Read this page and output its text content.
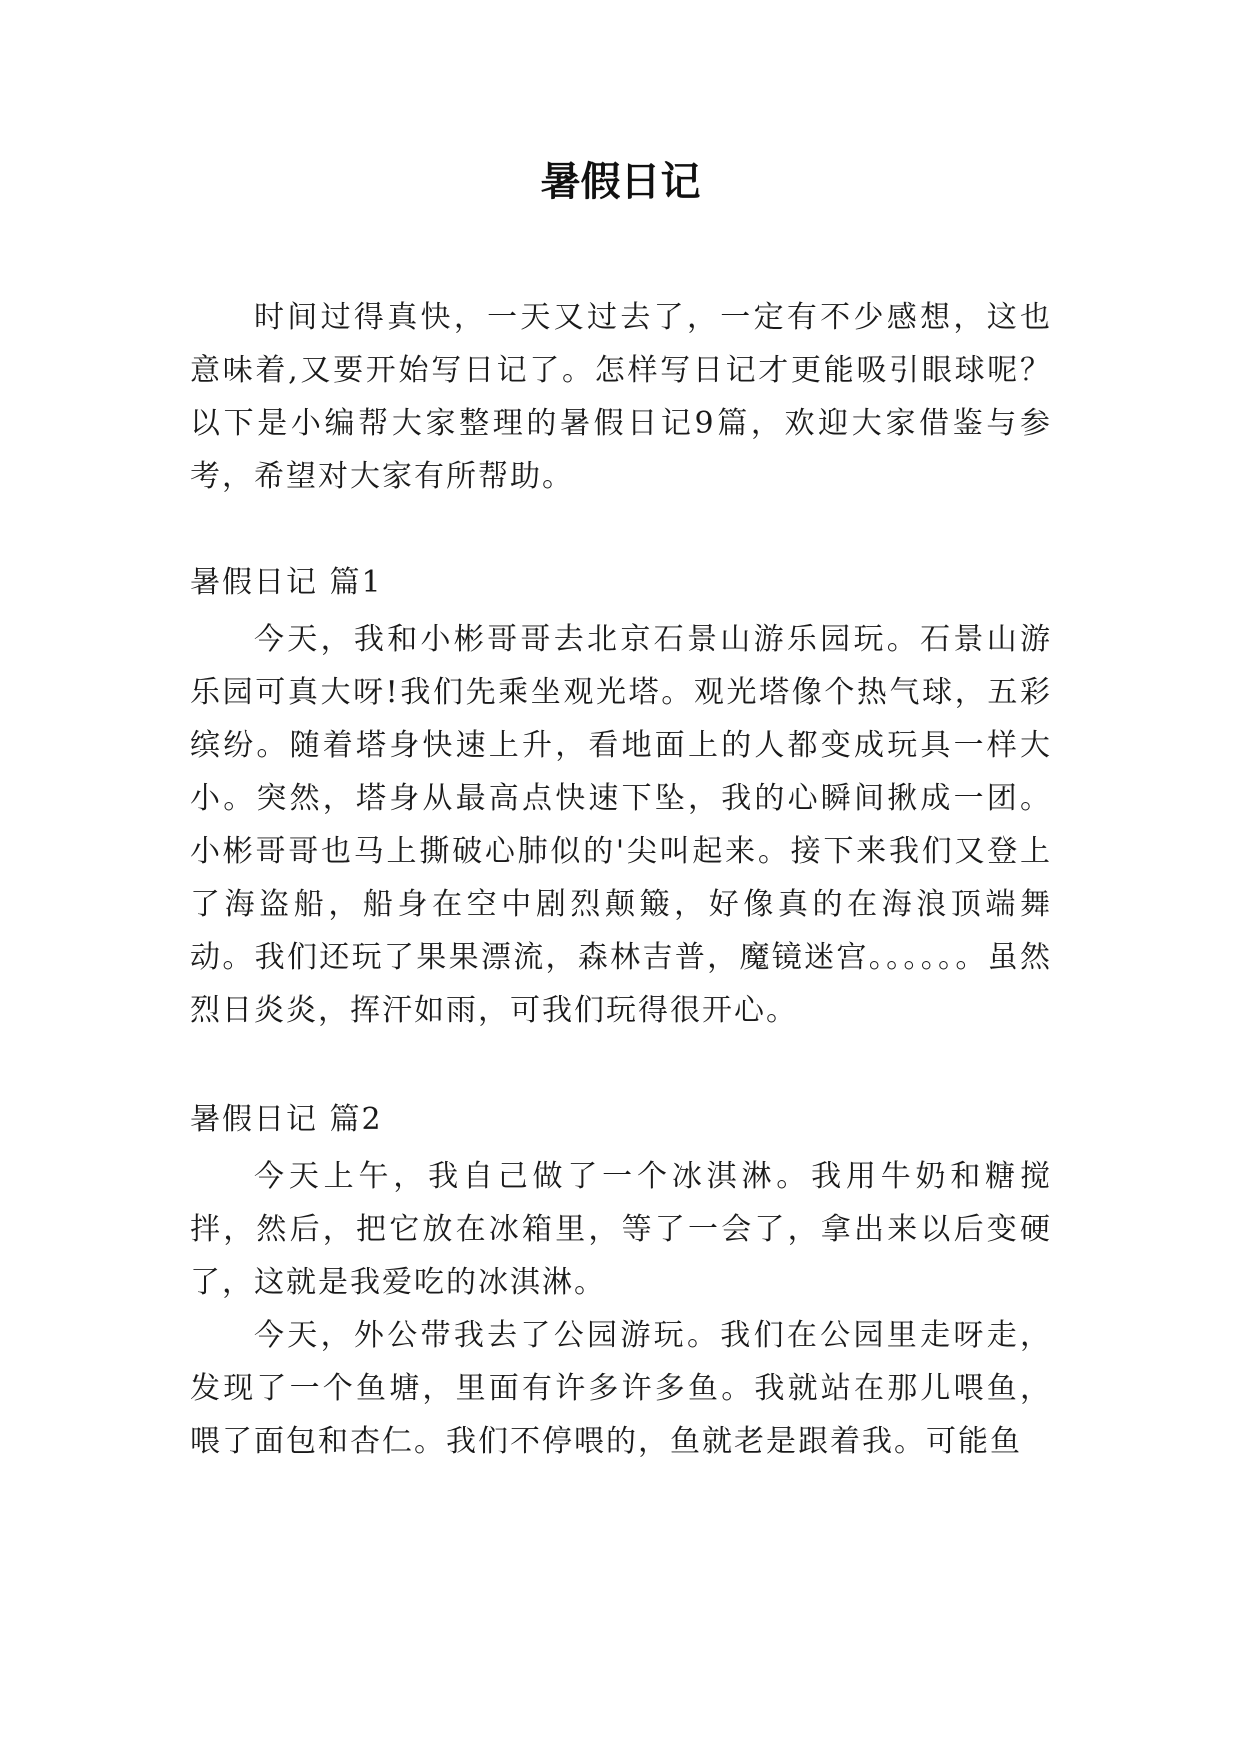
暑假日记

时间过得真快，一天又过去了，一定有不少感想，这也意味着,又要开始写日记了。怎样写日记才更能吸引眼球呢？以下是小编帮大家整理的暑假日记9篇，欢迎大家借鉴与参考，希望对大家有所帮助。

暑假日记 篇1

今天，我和小彬哥哥去北京石景山游乐园玩。石景山游乐园可真大呀!我们先乘坐观光塔。观光塔像个热气球，五彩缤纷。随着塔身快速上升，看地面上的人都变成玩具一样大小。突然，塔身从最高点快速下坠，我的心瞬间揪成一团。小彬哥哥也马上撕破心肺似的'尖叫起来。接下来我们又登上了海盗船，船身在空中剧烈颠簸，好像真的在海浪顶端舞动。我们还玩了果果漂流，森林吉普，魔镜迷宫。。。。。。虽然烈日炎炎，挥汗如雨，可我们玩得很开心。

暑假日记 篇2

今天上午，我自己做了一个冰淇淋。我用牛奶和糖搅拌，然后，把它放在冰箱里，等了一会了，拿出来以后变硬了，这就是我爱吃的冰淇淋。

今天，外公带我去了公园游玩。我们在公园里走呀走，发现了一个鱼塘，里面有许多许多鱼。我就站在那儿喂鱼，喂了面包和杏仁。我们不停喂的，鱼就老是跟着我。可能鱼
